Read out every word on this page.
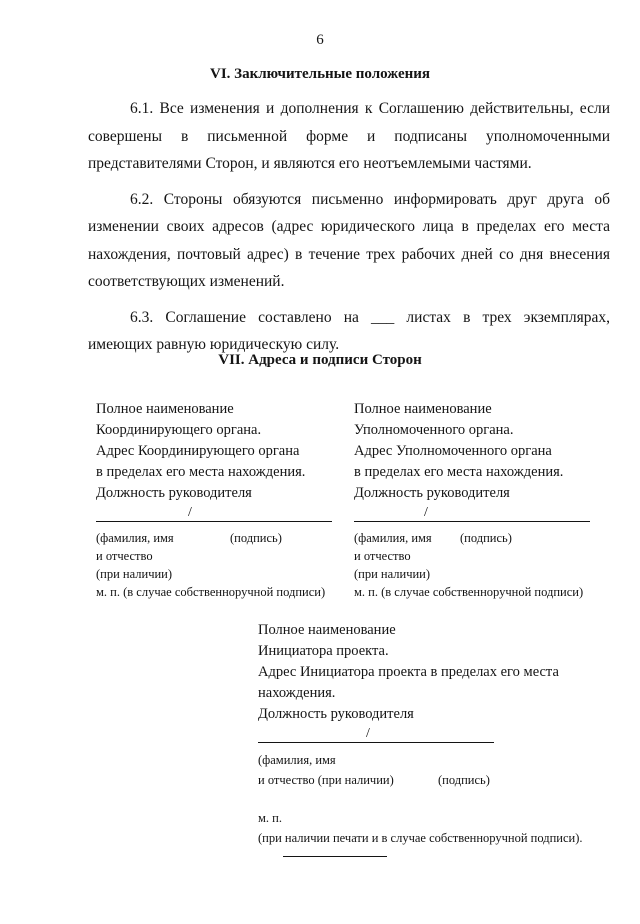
6
VI. Заключительные положения

6.1. Все изменения и дополнения к Соглашению действительны, если совершены в письменной форме и подписаны уполномоченными представителями Сторон, и являются его неотъемлемыми частями.

6.2. Стороны обязуются письменно информировать друг друга об изменении своих адресов (адрес юридического лица в пределах его места нахождения, почтовый адрес) в течение трех рабочих дней со дня внесения соответствующих изменений.

6.3. Соглашение составлено на ___ листах в трех экземплярах, имеющих равную юридическую силу.

VII. Адреса и подписи Сторон
Полное наименование
Координирующего органа.
Адрес Координирующего органа
в пределах его места нахождения.
Должность руководителя
/
(фамилия, имя	(подпись)
и отчество
(при наличии)
м. п. (в случае собственноручной подписи)
Полное наименование
Уполномоченного органа.
Адрес Уполномоченного органа
в пределах его места нахождения.
Должность руководителя
/
(фамилия, имя (подпись)
и отчество
(при наличии)
м. п. (в случае собственноручной подписи)
Полное наименование
Инициатора проекта.
Адрес Инициатора проекта в пределах его места
нахождения.
Должность руководителя
/
(фамилия, имя
и отчество (при наличии)	(подпись)
м. п.
(при наличии печати и в случае собственноручной подписи).
